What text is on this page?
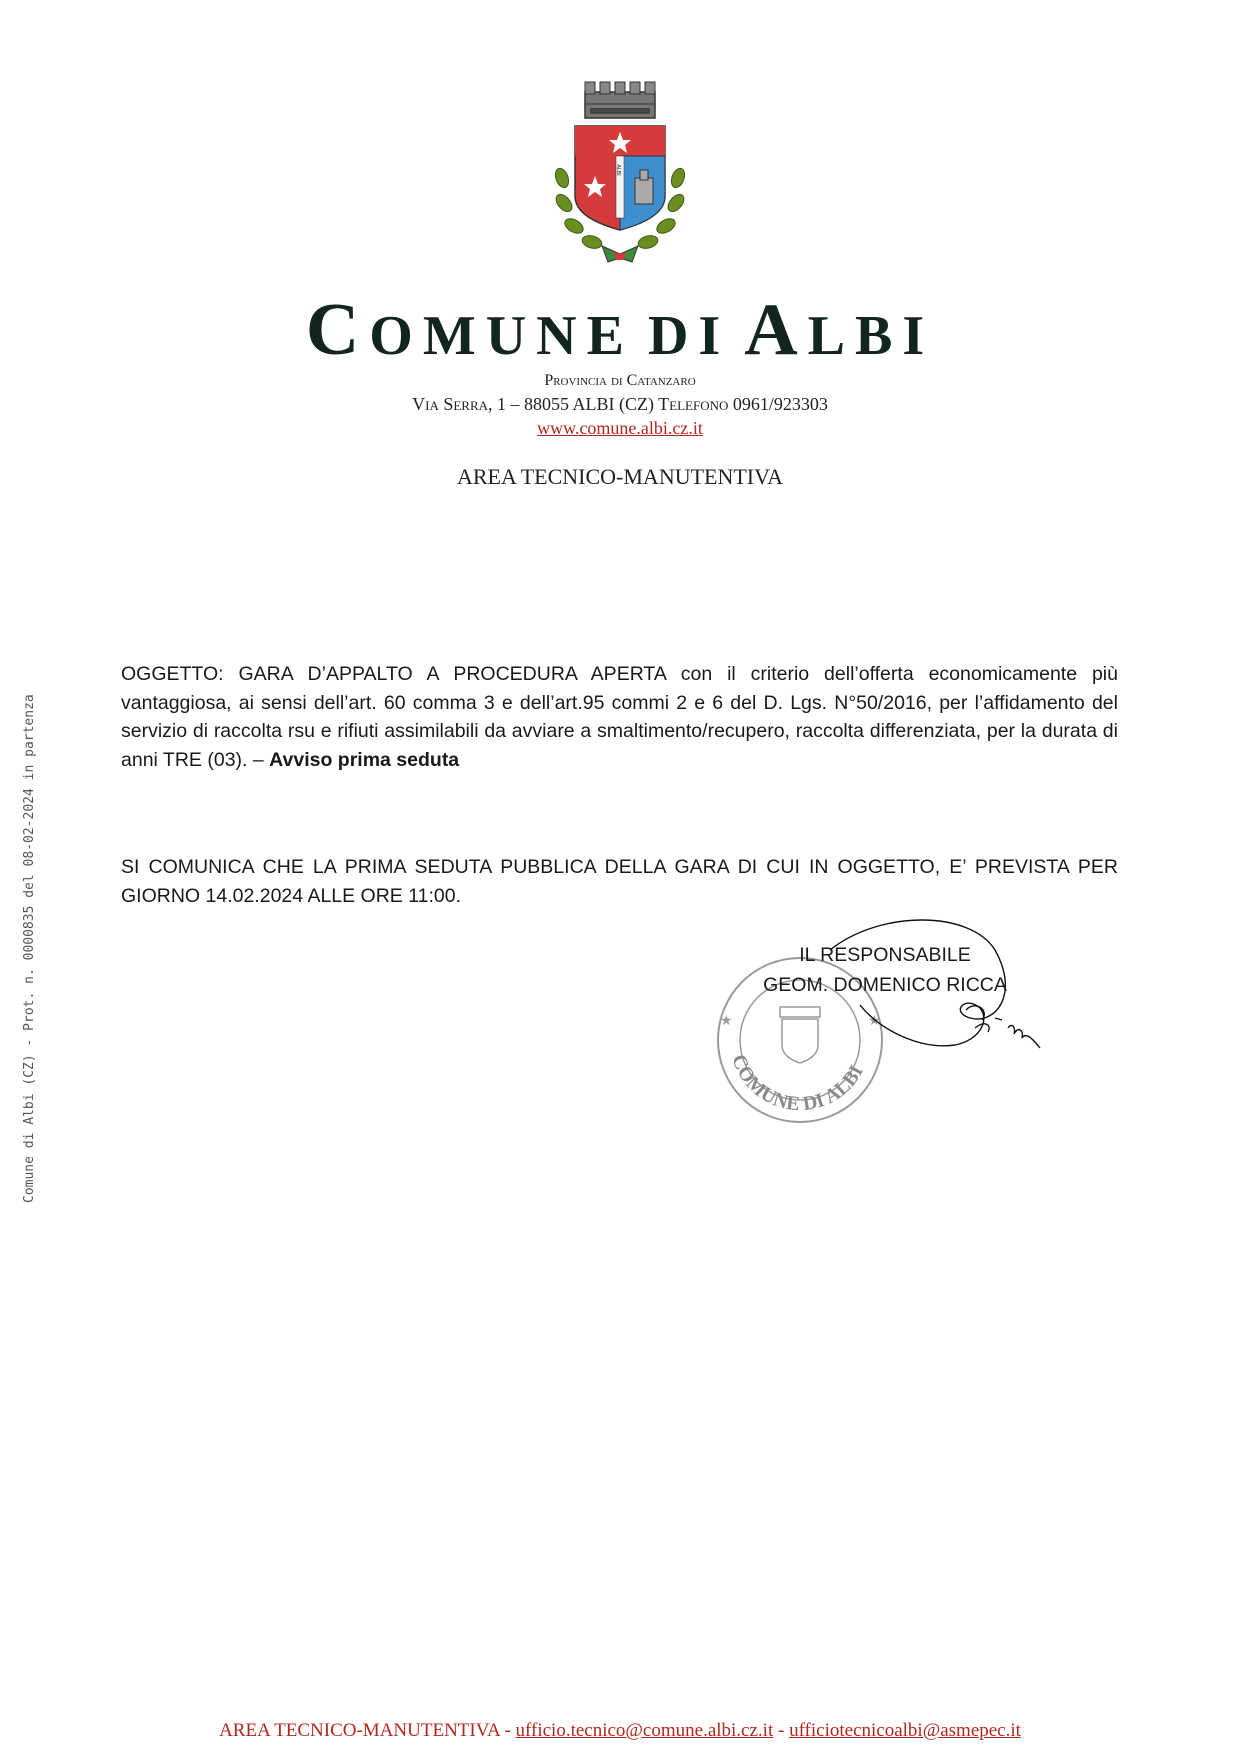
ALBI
COMUNE DI ALBI
Provincia di Catanzaro
Via Serra, 1 – 88055 ALBI (CZ) Telefono 0961/923303
www.comune.albi.cz.it
AREA TECNICO-MANUTENTIVA
Comune di Albi (CZ) - Prot. n. 0000835 del 08-02-2024 in partenza
OGGETTO: GARA D’APPALTO A PROCEDURA APERTA con il criterio dell’offerta economicamente più vantaggiosa, ai sensi dell’art. 60 comma 3 e dell’art.95 commi 2 e 6 del D. Lgs. N°50/2016, per l’affidamento del servizio di raccolta rsu e rifiuti assimilabili da avviare a smaltimento/recupero, raccolta differenziata, per la durata di anni TRE (03). – Avviso prima seduta
SI COMUNICA CHE LA PRIMA SEDUTA PUBBLICA DELLA GARA DI CUI IN OGGETTO, E’ PREVISTA PER GIORNO 14.02.2024 ALLE ORE 11:00.
COMUNE DI ALBI
★	★
IL RESPONSABILE
GEOM. DOMENICO RICCA
AREA TECNICO-MANUTENTIVA - ufficio.tecnico@comune.albi.cz.it - ufficiotecnicoalbi@asmepec.it
